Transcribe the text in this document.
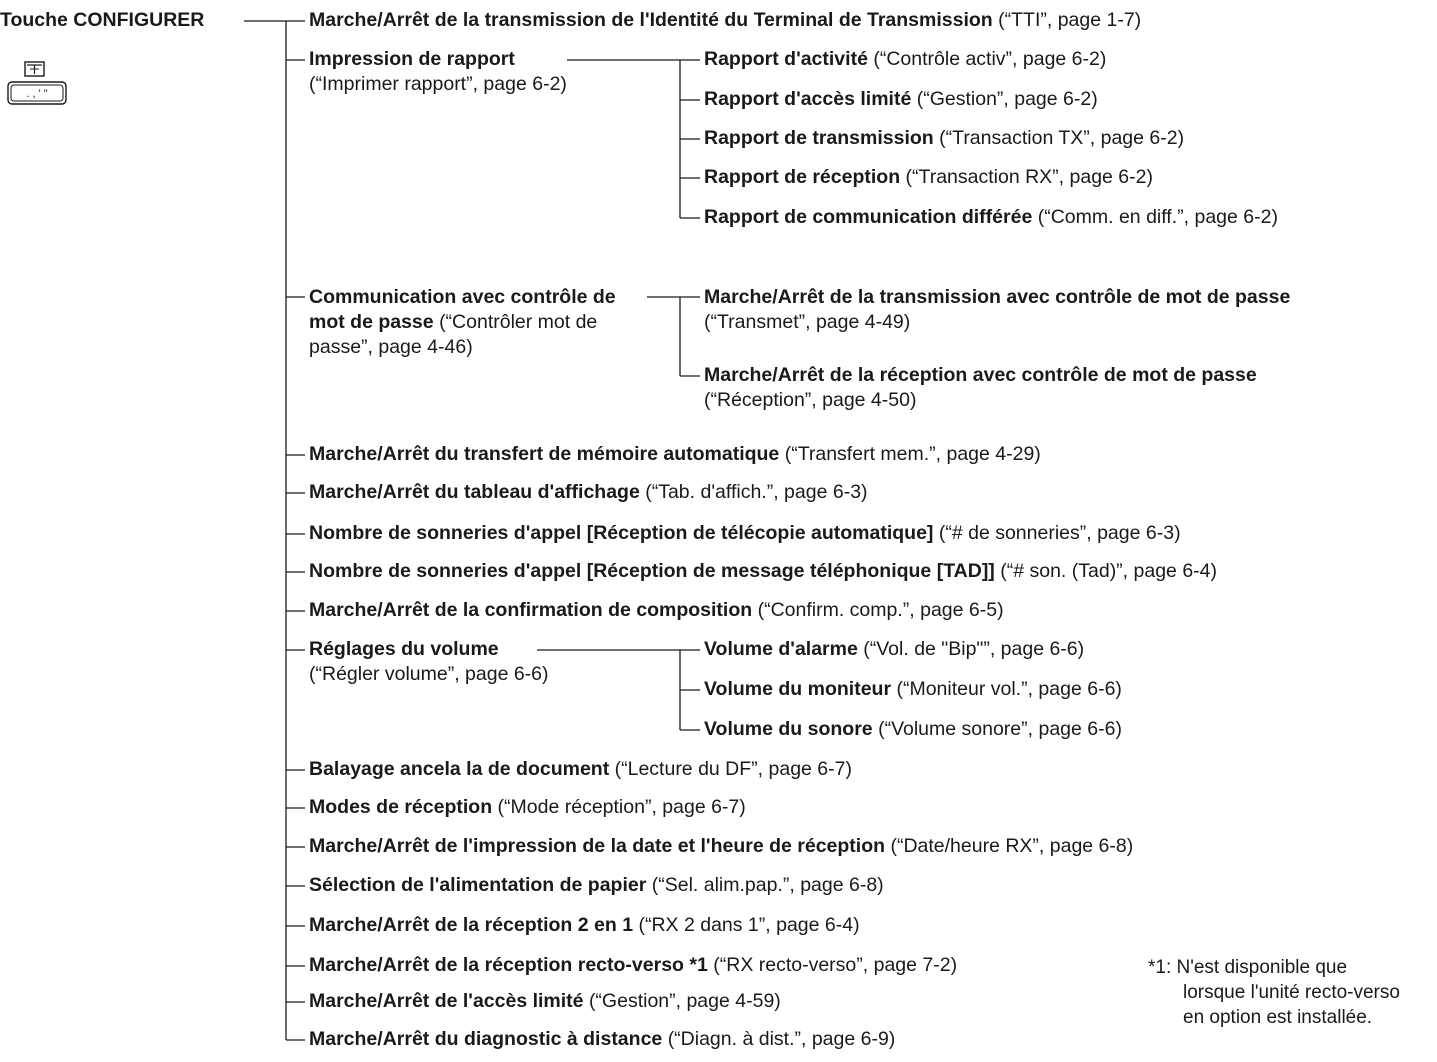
Touche CONFIGURER
. , ' "
Marche/Arrêt de la transmission de l'Identité du Terminal de Transmission (“TTI”, page 1-7)
Impression de rapport
(“Imprimer rapport”, page 6-2)
Communication avec contrôle de
mot de passe (“Contrôler mot de
passe”, page 4-46)
Marche/Arrêt du transfert de mémoire automatique (“Transfert mem.”, page 4-29)
Marche/Arrêt du tableau d'affichage (“Tab. d'affich.”, page 6-3)
Nombre de sonneries d'appel [Réception de télécopie automatique] (“# de sonneries”, page 6-3)
Nombre de sonneries d'appel [Réception de message téléphonique [TAD]] (“# son. (Tad)”, page 6-4)
Marche/Arrêt de la confirmation de composition (“Confirm. comp.”, page 6-5)
Réglages du volume
(“Régler volume”, page 6-6)
Balayage ancela la de document (“Lecture du DF”, page 6-7)
Modes de réception (“Mode réception”, page 6-7)
Marche/Arrêt de l'impression de la date et l'heure de réception (“Date/heure RX”, page 6-8)
Sélection de l'alimentation de papier (“Sel. alim.pap.”, page 6-8)
Marche/Arrêt de la réception 2 en 1 (“RX 2 dans 1”, page 6-4)
Marche/Arrêt de la réception recto-verso *1 (“RX recto-verso”, page 7-2)
Marche/Arrêt de l'accès limité (“Gestion”, page 4-59)
Marche/Arrêt du diagnostic à distance (“Diagn. à dist.”, page 6-9)
Rapport d'activité (“Contrôle activ”, page 6-2)
Rapport d'accès limité (“Gestion”, page 6-2)
Rapport de transmission (“Transaction TX”, page 6-2)
Rapport de réception (“Transaction RX”, page 6-2)
Rapport de communication différée (“Comm. en diff.”, page 6-2)
Marche/Arrêt de la transmission avec contrôle de mot de passe
(“Transmet”, page 4-49)
Marche/Arrêt de la réception avec contrôle de mot de passe
(“Réception”, page 4-50)
Volume d'alarme (“Vol. de "Bip"”, page 6-6)
Volume du moniteur (“Moniteur vol.”, page 6-6)
Volume du sonore (“Volume sonore”, page 6-6)
*1: N'est disponible que
lorsque l'unité recto-verso
en option est installée.
